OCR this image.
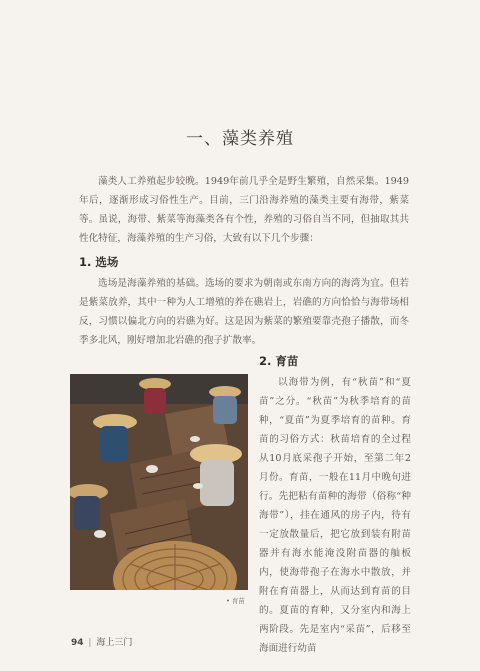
一、藻类养殖

藻类人工养殖起步较晚。1949年前几乎全是野生繁殖，自然采集。1949年后，逐渐形成习俗性生产。目前，三门沿海养殖的藻类主要有海带，紫菜等。虽说，海带、紫菜等海藻类各有个性，养殖的习俗自当不同，但抽取其共性化特征，海藻养殖的生产习俗，大致有以下几个步骤：

1. 选场

选场是海藻养殖的基础。选场的要求为朝南或东南方向的海湾为宜。但若是紫菜放养，其中一种为人工增殖的养在礁岩上，岩礁的方向恰恰与海带场相反，习惯以偏北方向的岩礁为好。这是因为紫菜的繁殖要靠壳孢子播散，而冬季多北风，刚好增加北岩礁的孢子扩散率。

2. 育苗

以海带为例，有“秋苗”和“夏苗”之分。“秋苗”为秋季培育的苗种，“夏苗”为夏季培育的苗种。育苗的习俗方式：秋苗培育的全过程从10月底采孢子开始，至第二年2月份。育苗，一般在11月中晚旬进行。先把粘有苗种的海带（俗称“种海带”），挂在通风的房子内，待有一定放散量后，把它放到装有附苗器并有海水能淹没附苗器的舢板内，使海带孢子在海水中散放，并附在育苗器上，从而达到育苗的目的。夏苗的育种，又分室内和海上两阶段。先是室内“采苗”，后移至海面进行幼苗

• 育苗
94 | 海上三门
